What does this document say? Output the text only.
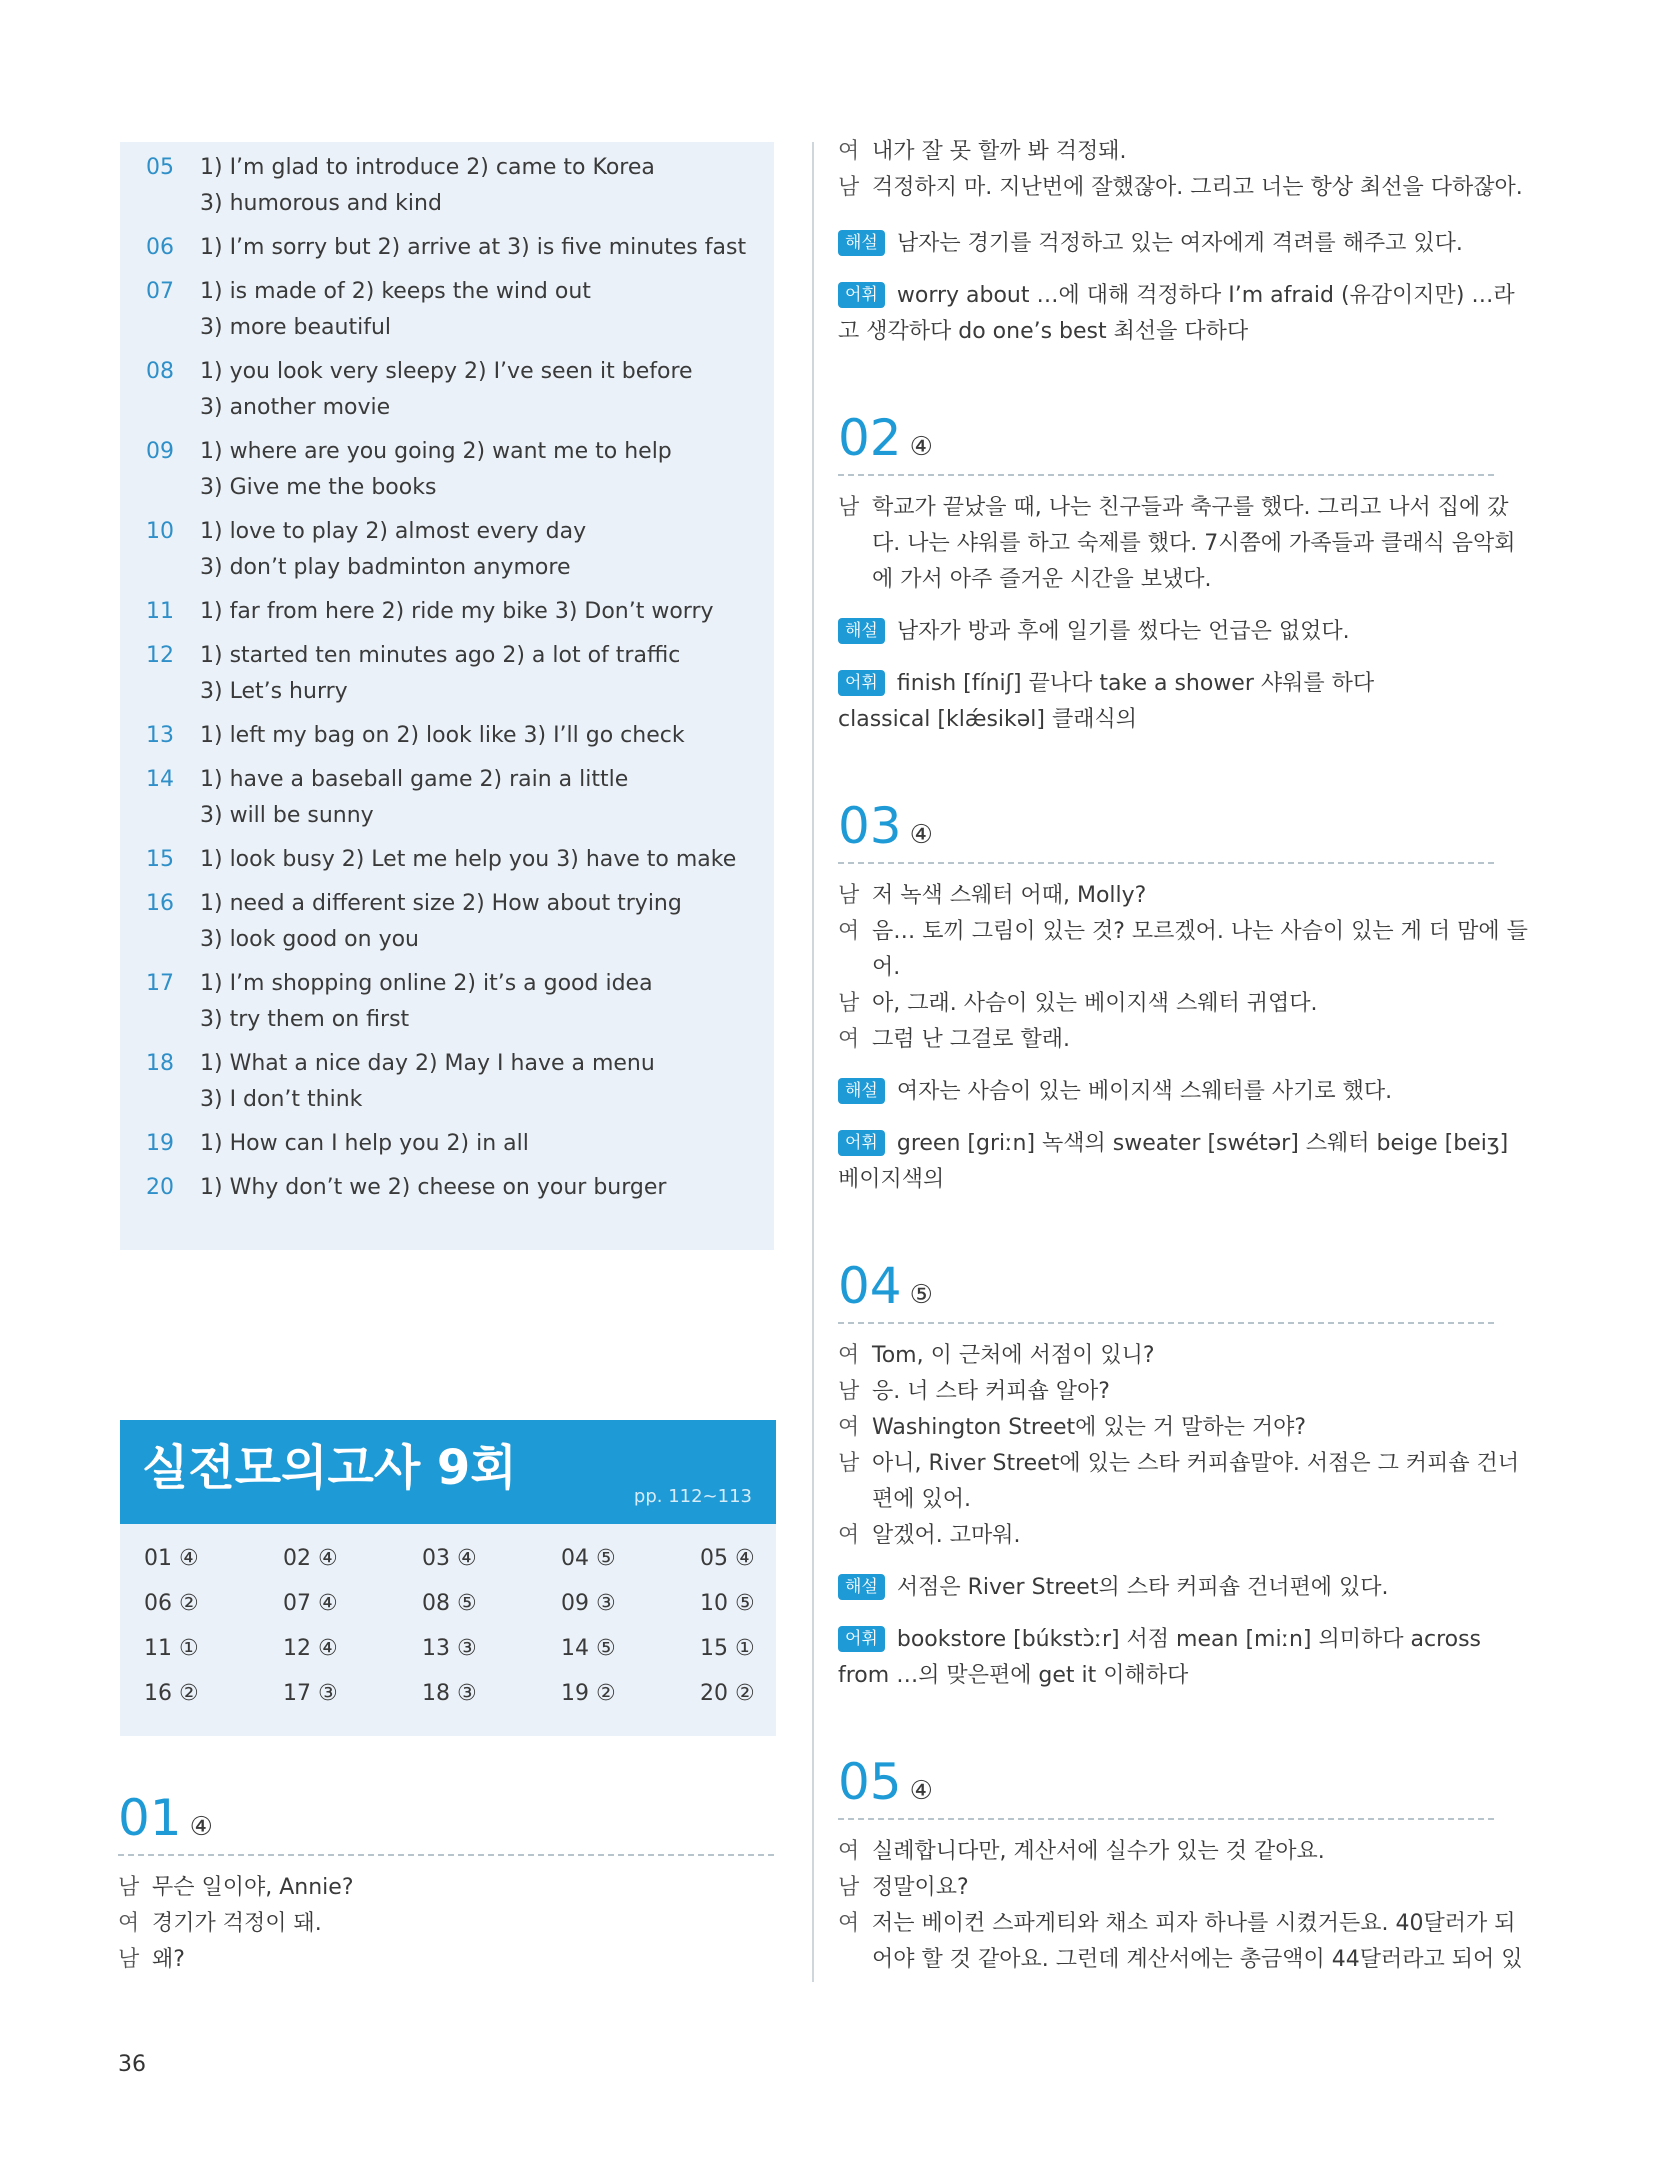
05	1) I’m glad to introduce 2) came to Korea
3) humorous and kind
06	1) I’m sorry but 2) arrive at 3) is five minutes fast
07	1) is made of 2) keeps the wind out
3) more beautiful
08	1) you look very sleepy 2) I’ve seen it before
3) another movie
09	1) where are you going 2) want me to help
3) Give me the books
10	1) love to play 2) almost every day
3) don’t play badminton anymore
11	1) far from here 2) ride my bike 3) Don’t worry
12	1) started ten minutes ago 2) a lot of traffic
3) Let’s hurry
13	1) left my bag on 2) look like 3) I’ll go check
14	1) have a baseball game 2) rain a little
3) will be sunny
15	1) look busy 2) Let me help you 3) have to make
16	1) need a different size 2) How about trying
3) look good on you
17	1) I’m shopping online 2) it’s a good idea
3) try them on first
18	1) What a nice day 2) May I have a menu
3) I don’t think
19	1) How can I help you 2) in all
20	1) Why don’t we 2) cheese on your burger
실전모의고사 9회
pp. 112~113
01 ④	02 ④	03 ④	04 ⑤	05 ④
06 ②	07 ④	08 ⑤	09 ③	10 ⑤
11 ①	12 ④	13 ③	14 ⑤	15 ①
16 ②	17 ③	18 ③	19 ②	20 ②
36
01 ④
남 무슨 일이야, Annie?
여 경기가 걱정이 돼.
남 왜?
여 내가 잘 못 할까 봐 걱정돼.
남 걱정하지 마. 지난번에 잘했잖아. 그리고 너는 항상 최선을 다하잖아.
해설 남자는 경기를 걱정하고 있는 여자에게 격려를 해주고 있다.
어휘 worry about …에 대해 걱정하다 I’m afraid (유감이지만) …라
고 생각하다 do one’s best 최선을 다하다
02 ④
남 학교가 끝났을 때, 나는 친구들과 축구를 했다. 그리고 나서 집에 갔
다. 나는 샤워를 하고 숙제를 했다. 7시쯤에 가족들과 클래식 음악회
에 가서 아주 즐거운 시간을 보냈다.
해설 남자가 방과 후에 일기를 썼다는 언급은 없었다.
어휘 finish [fíniʃ] 끝나다 take a shower 샤워를 하다
classical [klǽsikəl] 클래식의
03 ④
남 저 녹색 스웨터 어때, Molly?
여 음… 토끼 그림이 있는 것? 모르겠어. 나는 사슴이 있는 게 더 맘에 들
어.
남 아, 그래. 사슴이 있는 베이지색 스웨터 귀엽다.
여 그럼 난 그걸로 할래.
해설 여자는 사슴이 있는 베이지색 스웨터를 사기로 했다.
어휘 green [griːn] 녹색의 sweater [swétər] 스웨터 beige [beiʒ]
베이지색의
04 ⑤
여 Tom, 이 근처에 서점이 있니?
남 응. 너 스타 커피숍 알아?
여 Washington Street에 있는 거 말하는 거야?
남 아니, River Street에 있는 스타 커피숍말야. 서점은 그 커피숍 건너
편에 있어.
여 알겠어. 고마워.
해설 서점은 River Street의 스타 커피숍 건너편에 있다.
어휘 bookstore [búkstɔ̀ːr] 서점 mean [miːn] 의미하다 across
from …의 맞은편에 get it 이해하다
05 ④
여 실례합니다만, 계산서에 실수가 있는 것 같아요.
남 정말이요?
여 저는 베이컨 스파게티와 채소 피자 하나를 시켰거든요. 40달러가 되
어야 할 것 같아요. 그런데 계산서에는 총금액이 44달러라고 되어 있
